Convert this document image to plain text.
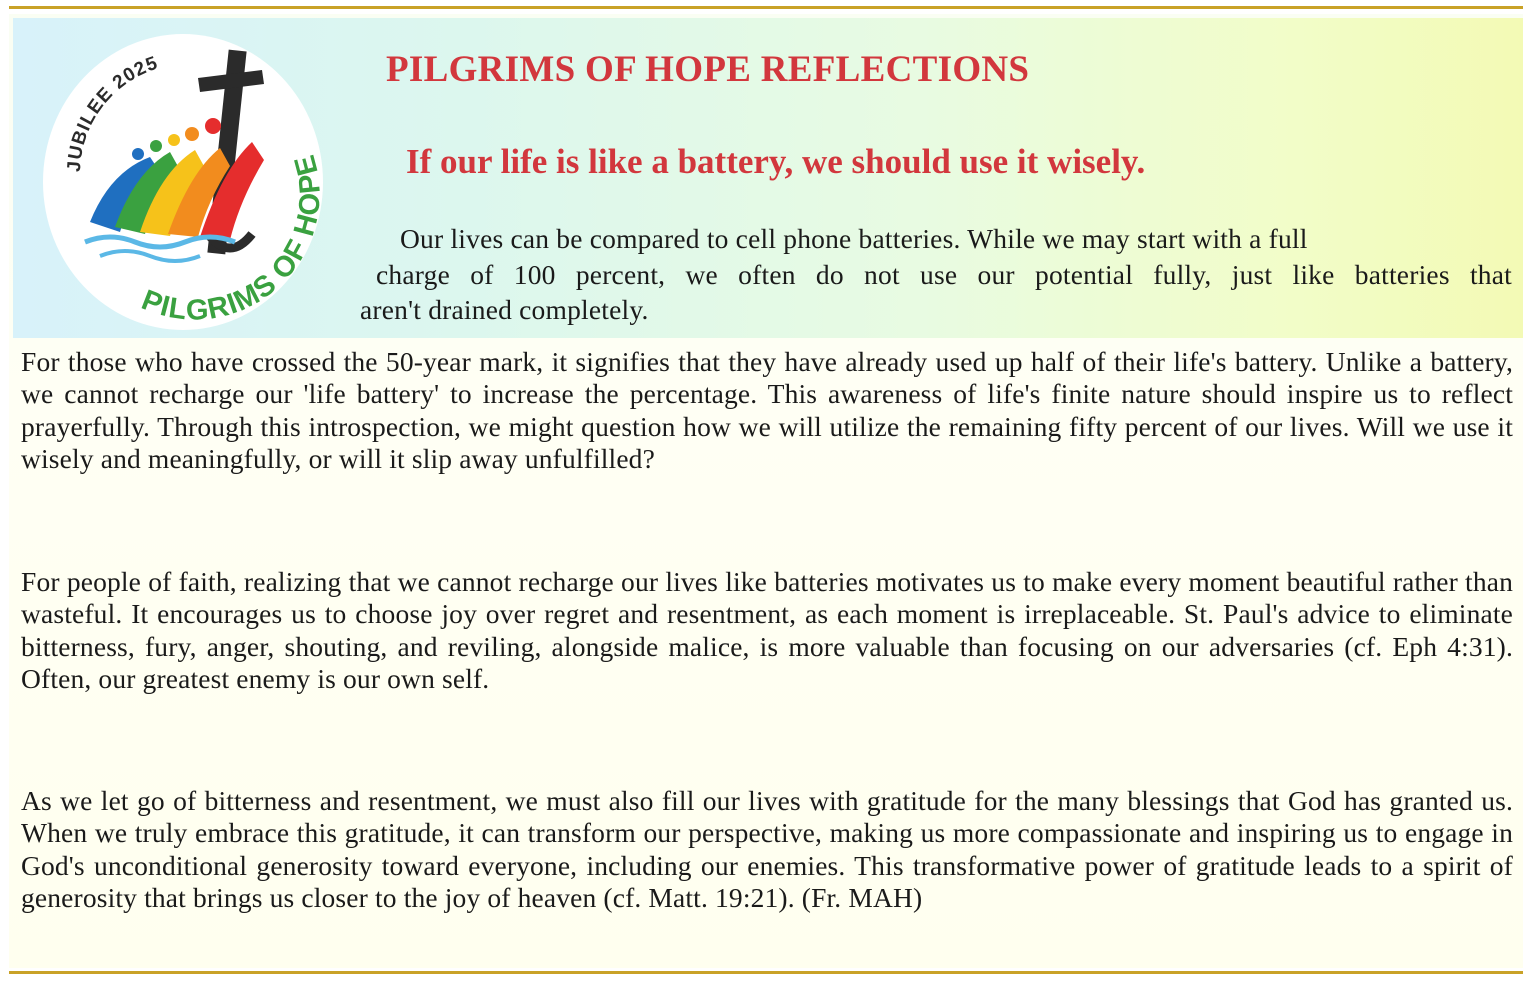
JUBILEE 2025
PILGRIMS OF HOPE
PILGRIMS OF HOPE REFLECTIONS
If our life is like a battery, we should use it wisely.

Our lives can be compared to cell phone batteries. While we may start with a full
charge of 100 percent, we often do not use our potential fully, just like batteries that
aren't drained completely.

For those who have crossed the 50-year mark, it signifies that they have already used up half of their life's battery. Unlike a battery, we cannot recharge our 'life battery' to increase the percentage. This awareness of life's finite nature should inspire us to reflect prayerfully. Through this introspection, we might question how we will utilize the remaining fifty percent of our lives. Will we use it wisely and meaningfully, or will it slip away unfulfilled?

For people of faith, realizing that we cannot recharge our lives like batteries motivates us to make every moment beautiful rather than wasteful. It encourages us to choose joy over regret and resentment, as each moment is irreplaceable. St. Paul's advice to eliminate bitterness, fury, anger, shouting, and reviling, alongside malice, is more valuable than focusing on our adversaries (cf. Eph 4:31). Often, our greatest enemy is our own self.

As we let go of bitterness and resentment, we must also fill our lives with gratitude for the many blessings that God has granted us. When we truly embrace this gratitude, it can transform our perspective, making us more compassionate and inspiring us to engage in God's unconditional generosity toward everyone, including our enemies. This transformative power of gratitude leads to a spirit of generosity that brings us closer to the joy of heaven (cf. Matt. 19:21). (Fr. MAH)
